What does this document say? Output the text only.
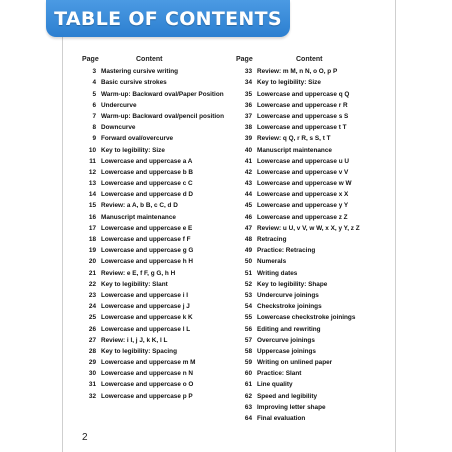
TABLE OF CONTENTS
Page	Content
3 Mastering cursive writing
4 Basic cursive strokes
5 Warm-up: Backward oval/Paper Position
6 Undercurve
7 Warm-up: Backward oval/pencil position
8 Downcurve
9 Forward oval/overcurve
10 Key to legibility: Size
11 Lowercase and uppercase a A
12 Lowercase and uppercase b B
13 Lowercase and uppercase c C
14 Lowercase and uppercase d D
15 Review: a A, b B, c C, d D
16 Manuscript maintenance
17 Lowercase and uppercase e E
18 Lowercase and uppercase f F
19 Lowercase and uppercase g G
20 Lowercase and uppercase h H
21 Review: e E, f F, g G, h H
22 Key to legibility: Slant
23 Lowercase and uppercase i I
24 Lowercase and uppercase j J
25 Lowercase and uppercase k K
26 Lowercase and uppercase l L
27 Review: i I, j J, k K, l L
28 Key to legibility: Spacing
29 Lowercase and uppercase m M
30 Lowercase and uppercase n N
31 Lowercase and uppercase o O
32 Lowercase and uppercase p P
Page	Content
33 Review: m M, n N, o O, p P
34 Key to legibility: Size
35 Lowercase and uppercase q Q
36 Lowercase and uppercase r R
37 Lowercase and uppercase s S
38 Lowercase and uppercase t T
39 Review: q Q, r R, s S, t T
40 Manuscript maintenance
41 Lowercase and uppercase u U
42 Lowercase and uppercase v V
43 Lowercase and uppercase w W
44 Lowercase and uppercase x X
45 Lowercase and uppercase y Y
46 Lowercase and uppercase z Z
47 Review: u U, v V, w W, x X, y Y, z Z
48 Retracing
49 Practice: Retracing
50 Numerals
51 Writing dates
52 Key to legibility: Shape
53 Undercurve joinings
54 Checkstroke joinings
55 Lowercase checkstroke joinings
56 Editing and rewriting
57 Overcurve joinings
58 Uppercase joinings
59 Writing on unlined paper
60 Practice: Slant
61 Line quality
62 Speed and legibility
63 Improving letter shape
64 Final evaluation
2
